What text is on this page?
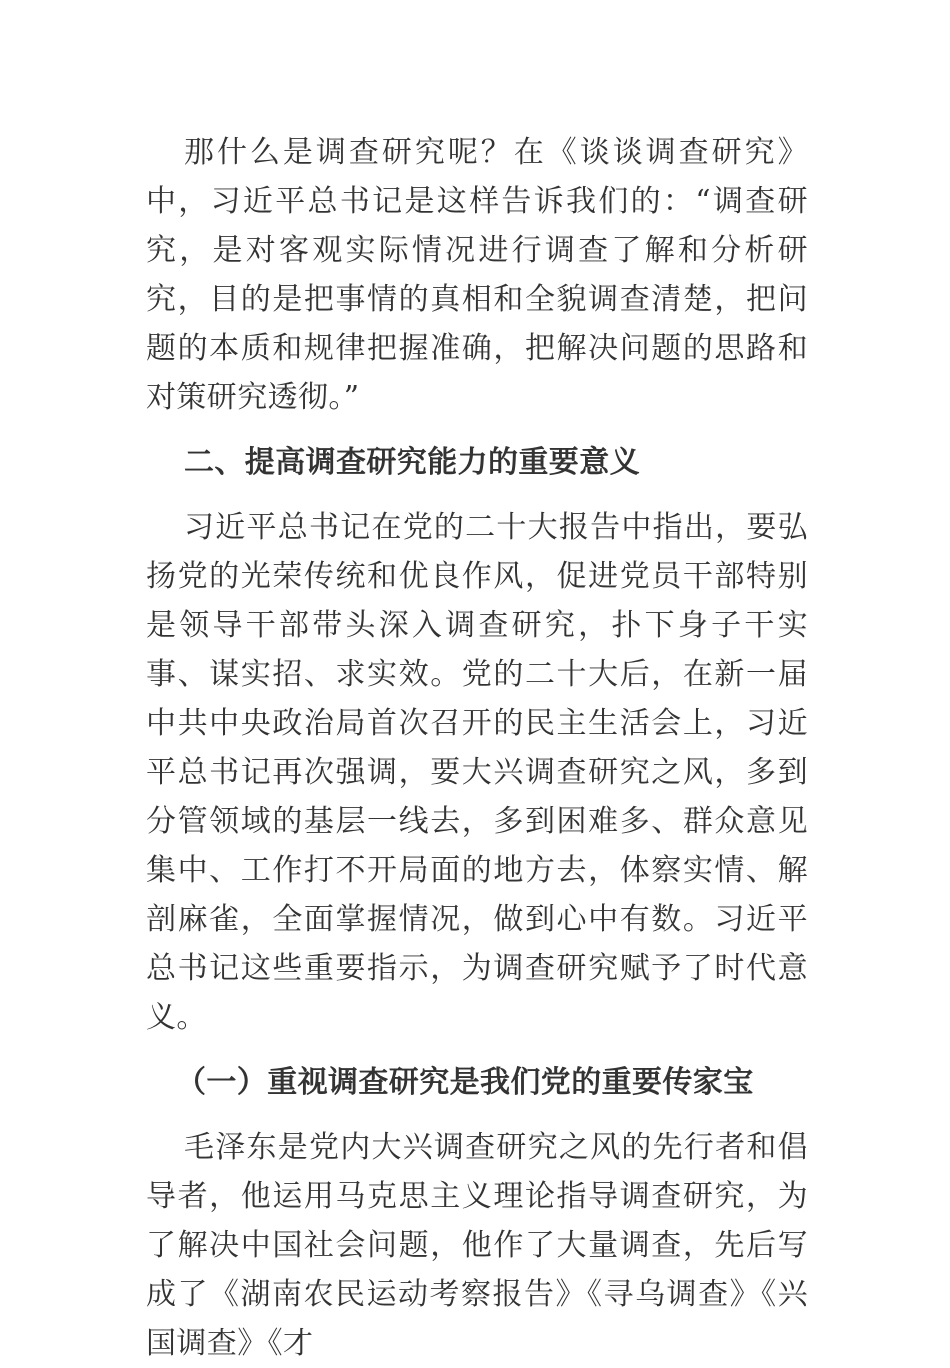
那什么是调查研究呢？在《谈谈调查研究》中，习近平总书记是这样告诉我们的：“调查研究，是对客观实际情况进行调查了解和分析研究，目的是把事情的真相和全貌调查清楚，把问题的本质和规律把握准确，把解决问题的思路和对策研究透彻。”

二、提高调查研究能力的重要意义

习近平总书记在党的二十大报告中指出，要弘扬党的光荣传统和优良作风，促进党员干部特别是领导干部带头深入调查研究，扑下身子干实事、谋实招、求实效。党的二十大后，在新一届中共中央政治局首次召开的民主生活会上，习近平总书记再次强调，要大兴调查研究之风，多到分管领域的基层一线去，多到困难多、群众意见集中、工作打不开局面的地方去，体察实情、解剖麻雀，全面掌握情况，做到心中有数。习近平总书记这些重要指示，为调查研究赋予了时代意义。

（一）重视调查研究是我们党的重要传家宝

毛泽东是党内大兴调查研究之风的先行者和倡导者，他运用马克思主义理论指导调查研究，为了解决中国社会问题，他作了大量调查，先后写成了《湖南农民运动考察报告》《寻乌调查》《兴国调查》《才
